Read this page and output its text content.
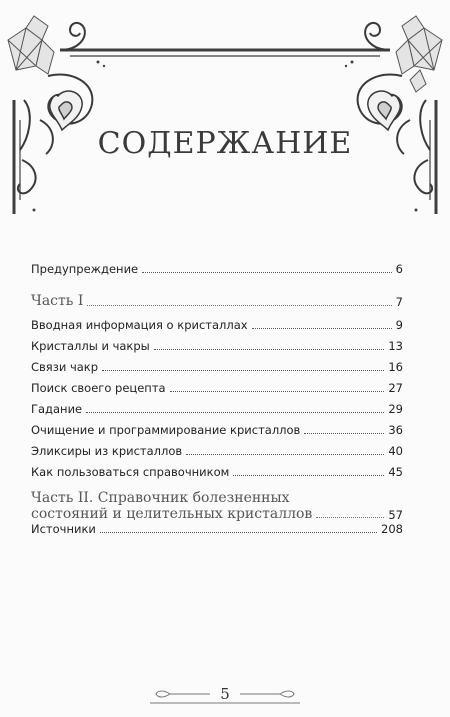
СОДЕРЖАНИЕ
Предупреждение	6
Часть I	7
Вводная информация о кристаллах	9
Кристаллы и чакры	13
Связи чакр	16
Поиск своего рецепта	27
Гадание	29
Очищение и программирование кристаллов	36
Эликсиры из кристаллов	40
Как пользоваться справочником	45
Часть II. Справочник болезненных
состояний и целительных кристаллов	57
Источники	208
5
